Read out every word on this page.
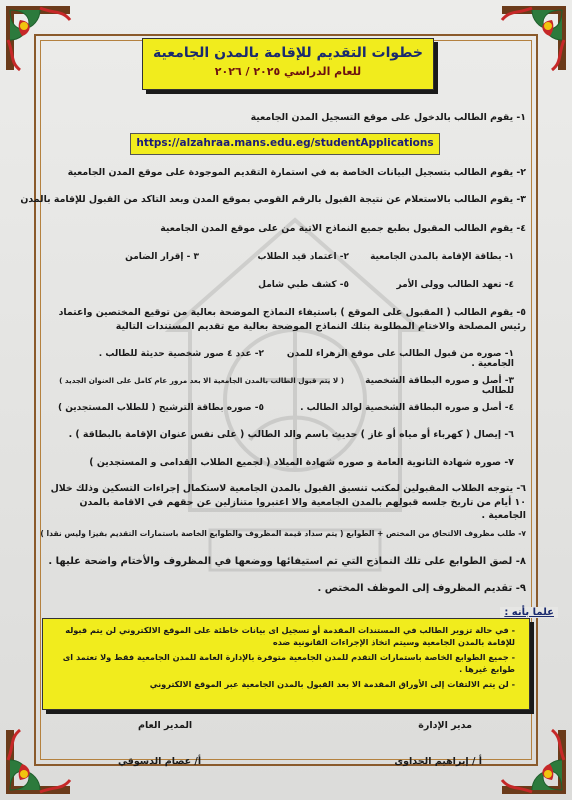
خطوات التقديم للإقامة بالمدن الجامعية
للعام الدراسي ٢٠٢٥ / ٢٠٢٦
١- يقوم الطالب بالدخول على موقع التسجيل المدن الجامعية
https://alzahraa.mans.edu.eg/studentApplications
٢- يقوم الطالب بتسجيل البيانات الخاصة به في استمارة التقديم الموجودة على موقع المدن الجامعية
٣- يقوم الطالب بالاستعلام عن نتيجة القبول بالرقم القومي بموقع المدن وبعد التاكد من القبول للإقامة بالمدن
٤- يقوم الطالب المقبول بطبع جميع النماذج الاتية من على موقع المدن الجامعية
١- بطاقة الإقامة بالمدن الجامعية
٢- اعتماد قيد الطلاب
٣ - إقرار الضامن
٤- تعهد الطالب وولى الأمر
٥- كشف طبي شامل
٥- يقوم الطالب ( المقبول على الموقع ) باستيفاء النماذج الموضحة بعالية من توقيع المختصين واعتماد رئيس المصلحة والاختام المطلوبة بتلك النماذج الموضحة بعالية مع تقديم المستندات التالية
١- صوره من قبول الطالب على موقع الزهراء للمدن الجامعية .
٢- عدد ٤ صور شخصية حديثة للطالب .
٣- أصل و صوره البطاقة الشخصية للطالب
( لا يتم قبول الطالب بالمدن الجامعية الا بعد مرور عام كامل على العنوان الجديد )
٤- أصل و صوره البطاقة الشخصية لوالد الطالب .
٥- صوره بطاقة الترشيح ( للطلاب المستجدين )
٦- إيصال ( كهرباء أو مياه أو غاز ) حديث باسم والد الطالب ( على نفس عنوان الإقامة بالبطاقة ) .
٧- صوره شهادة الثانوية العامة و صوره شهادة الميلاد ( لجميع الطلاب القدامى و المستجدين )
٦- يتوجه الطلاب المقبولين لمكتب تنسيق القبول بالمدن الجامعية لاستكمال إجراءات التسكين وذلك خلال ١٠ أيام من تاريخ جلسه قبولهم بالمدن الجامعية والا اعتبروا متنازلين عن حقهم في الاقامة بالمدن الجامعية .
٧- طلب مظروف الالتحاق من المختص + الطوابع ( يتم سداد قيمة المظروف والطوابع الخاصة باستمارات التقديم بفيزا وليس نقدا )
٨- لصق الطوابع على تلك النماذج التي تم استيفائها ووضعها في المظروف والأختام واضحة عليها .
٩- تقديم المظروف إلى الموظف المختص .
علما بأنه :
- في حالة تزوير الطالب في المستندات المقدمة أو تسجيل اى بيانات خاطئة على الموقع الالكتروني لن يتم قبوله للإقامة بالمدن الجامعية وسيتم اتخاذ الإجراءات القانونية ضده
- جميع الطوابع الخاصة باستمارات التقدم للمدن الجامعية متوفرة بالإدارة العامة للمدن الجامعية فقط ولا تعتمد اى طوابع غيرها .
- لن يتم الالتفات إلى الأوراق المقدمة الا بعد القبول بالمدن الجامعية عبر الموقع الالكتروني
مدير الإدارة
أ / إبراهيم الجداوى
المدير العام
أ/ عصام الدسوقي
